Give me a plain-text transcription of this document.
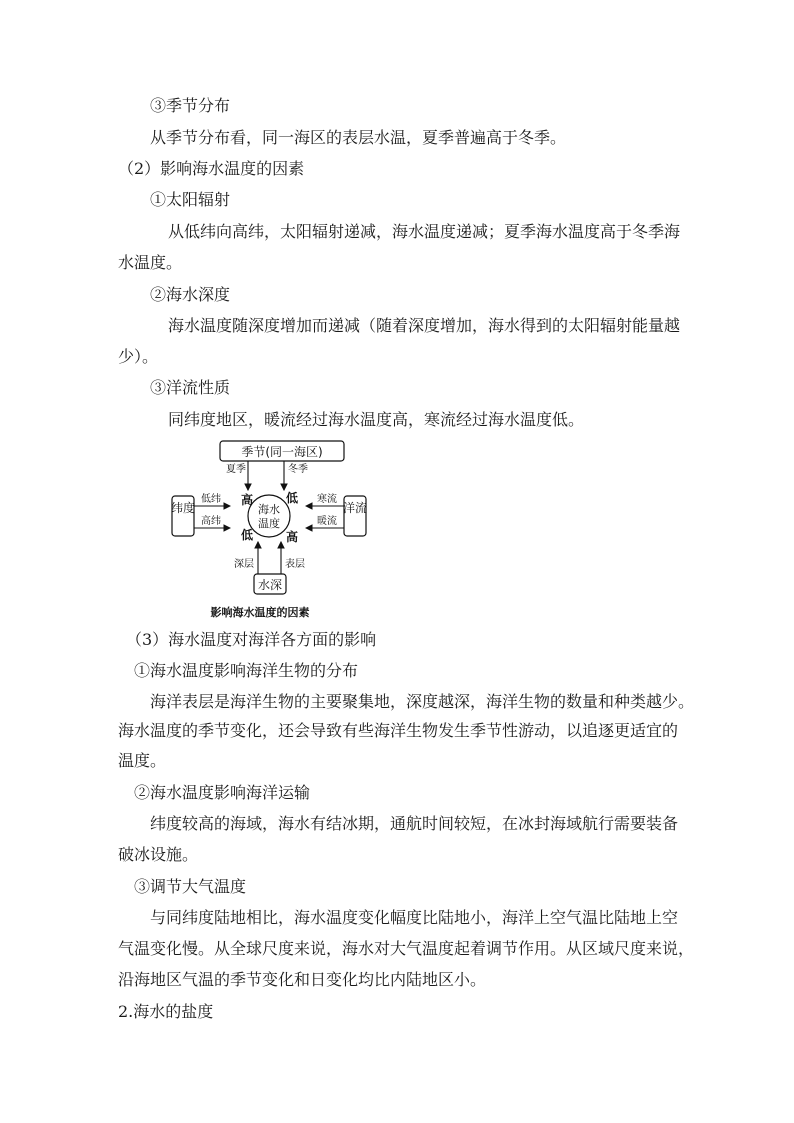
③季节分布
从季节分布看，同一海区的表层水温，夏季普遍高于冬季。
（2）影响海水温度的因素
①太阳辐射
从低纬向高纬，太阳辐射递减，海水温度递减；夏季海水温度高于冬季海
水温度。
②海水深度
海水温度随深度增加而递减（随着深度增加，海水得到的太阳辐射能量越
少）。
③洋流性质
同纬度地区，暖流经过海水温度高，寒流经过海水温度低。
季节(同一海区)
夏季	冬季
海水
温度
高	低
低	高
纬度
低纬
高纬
洋流
寒流
暖流
水深
深层	表层
影响海水温度的因素
（3）海水温度对海洋各方面的影响
①海水温度影响海洋生物的分布
海洋表层是海洋生物的主要聚集地，深度越深，海洋生物的数量和种类越少。
海水温度的季节变化，还会导致有些海洋生物发生季节性游动，以追逐更适宜的
温度。
②海水温度影响海洋运输
纬度较高的海域，海水有结冰期，通航时间较短，在冰封海域航行需要装备
破冰设施。
③调节大气温度
与同纬度陆地相比，海水温度变化幅度比陆地小，海洋上空气温比陆地上空
气温变化慢。从全球尺度来说，海水对大气温度起着调节作用。从区域尺度来说，
沿海地区气温的季节变化和日变化均比内陆地区小。
2.海水的盐度
